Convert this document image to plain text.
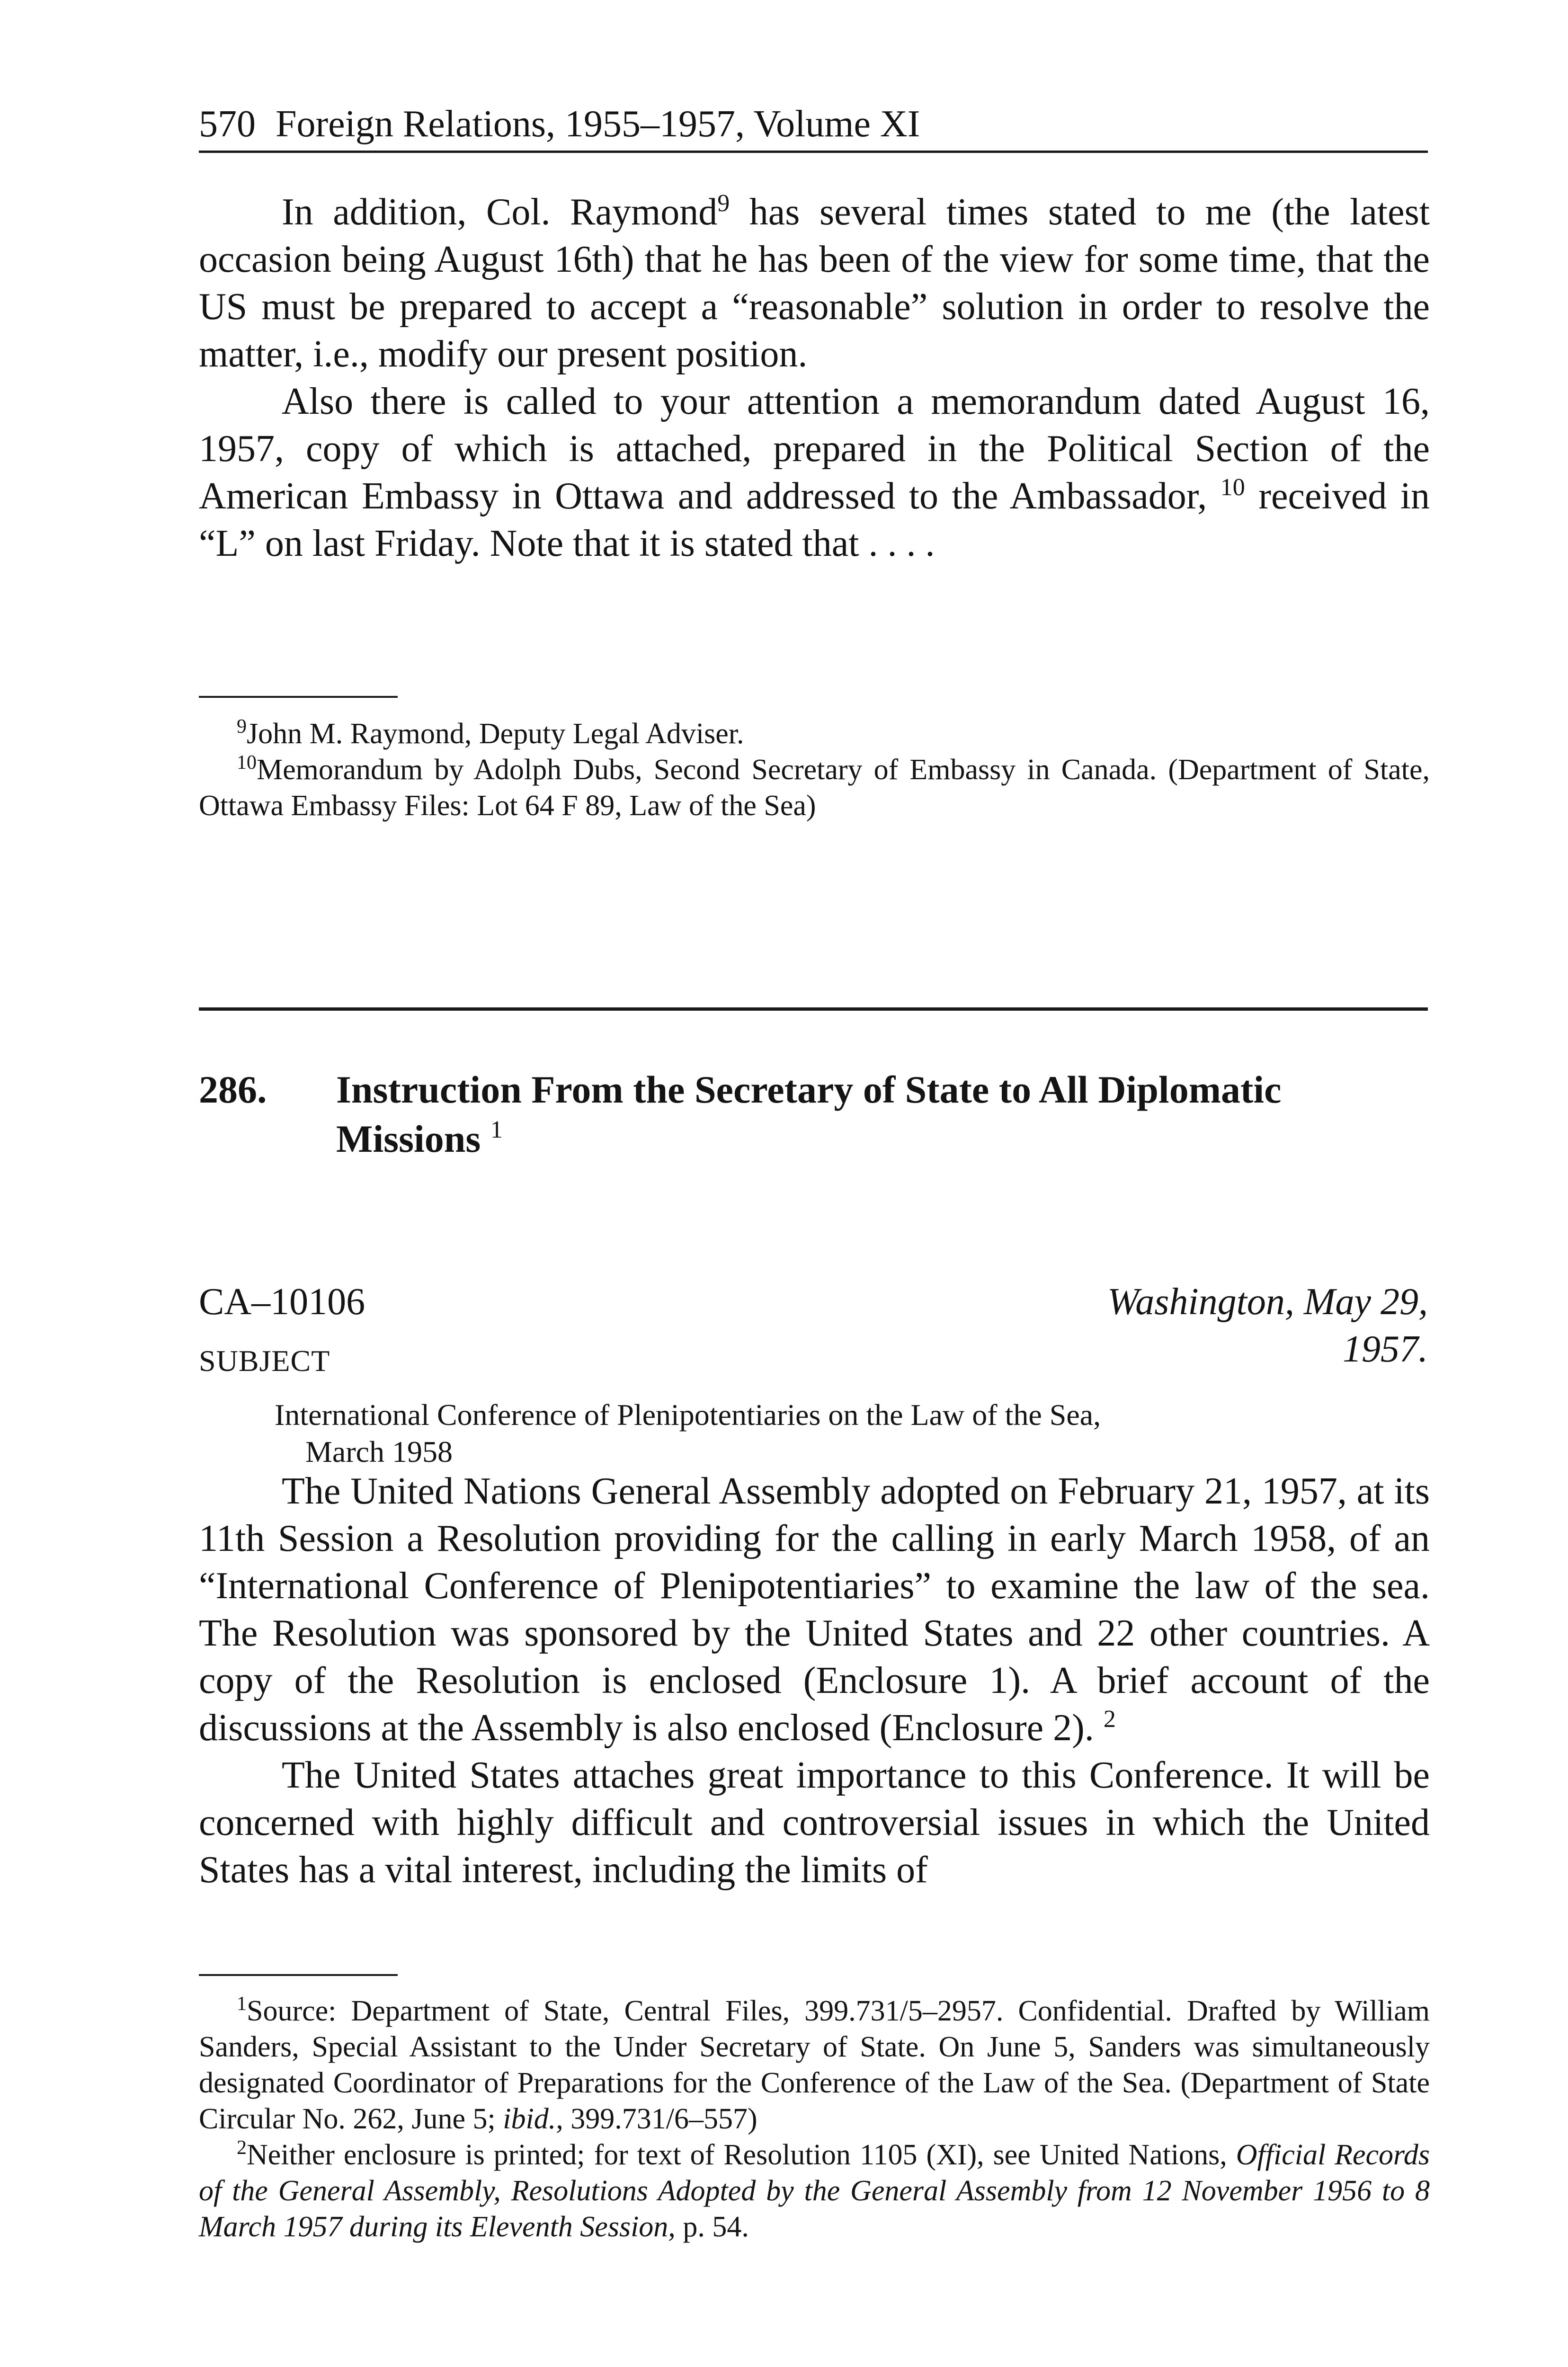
570 Foreign Relations, 1955–1957, Volume XI

In addition, Col. Raymond$^9$ has several times stated to me (the latest occasion being August 16th) that he has been of the view for some time, that the US must be prepared to accept a “reasonable” solution in order to resolve the matter, i.e., modify our present position.

Also there is called to your attention a memorandum dated August 16, 1957, copy of which is attached, prepared in the Political Section of the American Embassy in Ottawa and addressed to the Ambassador, $^{10}$ received in “L” on last Friday. Note that it is stated that . . . .

$^9$John M. Raymond, Deputy Legal Adviser.

$^{10}$Memorandum by Adolph Dubs, Second Secretary of Embassy in Canada. (Department of State, Ottawa Embassy Files: Lot 64 F 89, Law of the Sea)

286. Instruction From the Secretary of State to All Diplomatic Missions $^1$
CA–10106	Washington, May 29, 1957.
SUBJECT
International Conference of Plenipotentiaries on the Law of the Sea,
March 1958

The United Nations General Assembly adopted on February 21, 1957, at its 11th Session a Resolution providing for the calling in early March 1958, of an “International Conference of Plenipotentiaries” to examine the law of the sea. The Resolution was sponsored by the United States and 22 other countries. A copy of the Resolution is enclosed (Enclosure 1). A brief account of the discussions at the Assembly is also enclosed (Enclosure 2). $^2$

The United States attaches great importance to this Conference. It will be concerned with highly difficult and controversial issues in which the United States has a vital interest, including the limits of

$^1$Source: Department of State, Central Files, 399.731/5–2957. Confidential. Drafted by William Sanders, Special Assistant to the Under Secretary of State. On June 5, Sanders was simultaneously designated Coordinator of Preparations for the Conference of the Law of the Sea. (Department of State Circular No. 262, June 5; ibid., 399.731/6–557)

$^2$Neither enclosure is printed; for text of Resolution 1105 (XI), see United Nations, Official Records of the General Assembly, Resolutions Adopted by the General Assembly from 12 November 1956 to 8 March 1957 during its Eleventh Session, p. 54.
